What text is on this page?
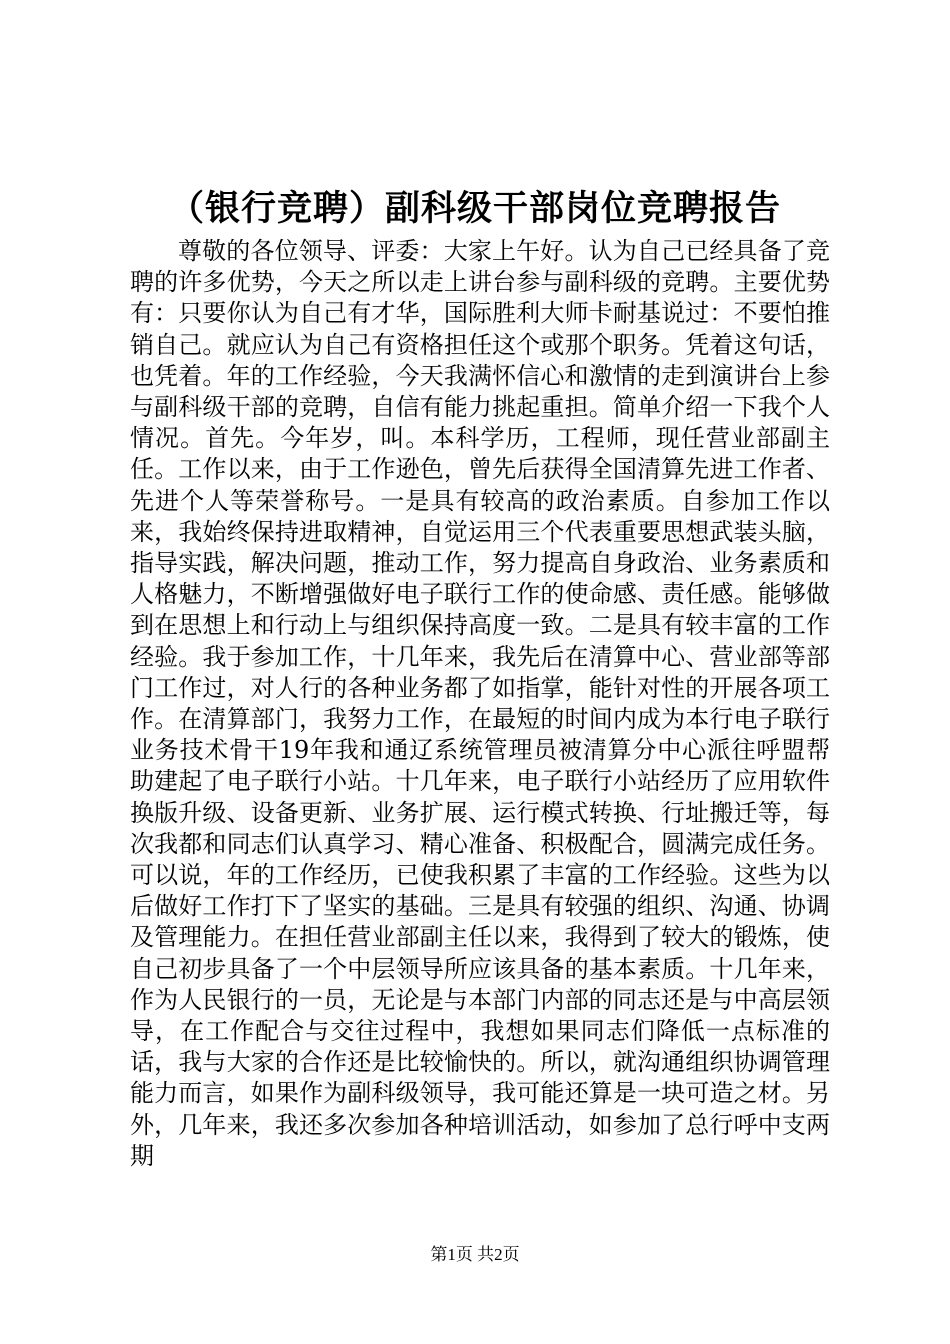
（银行竞聘）副科级干部岗位竞聘报告

尊敬的各位领导、评委：大家上午好。认为自己已经具备了竞聘的许多优势，今天之所以走上讲台参与副科级的竞聘。主要优势有：只要你认为自己有才华，国际胜利大师卡耐基说过：不要怕推销自己。就应认为自己有资格担任这个或那个职务。凭着这句话，也凭着。年的工作经验，今天我满怀信心和激情的走到演讲台上参与副科级干部的竞聘，自信有能力挑起重担。简单介绍一下我个人情况。首先。今年岁，叫。本科学历，工程师，现任营业部副主任。工作以来，由于工作逊色，曾先后获得全国清算先进工作者、先进个人等荣誉称号。一是具有较高的政治素质。自参加工作以来，我始终保持进取精神，自觉运用三个代表重要思想武装头脑，指导实践，解决问题，推动工作，努力提高自身政治、业务素质和人格魅力，不断增强做好电子联行工作的使命感、责任感。能够做到在思想上和行动上与组织保持高度一致。二是具有较丰富的工作经验。我于参加工作，十几年来，我先后在清算中心、营业部等部门工作过，对人行的各种业务都了如指掌，能针对性的开展各项工作。在清算部门，我努力工作，在最短的时间内成为本行电子联行业务技术骨干19年我和通辽系统管理员被清算分中心派往呼盟帮助建起了电子联行小站。十几年来，电子联行小站经历了应用软件换版升级、设备更新、业务扩展、运行模式转换、行址搬迁等，每次我都和同志们认真学习、精心准备、积极配合，圆满完成任务。可以说，年的工作经历，已使我积累了丰富的工作经验。这些为以后做好工作打下了坚实的基础。三是具有较强的组织、沟通、协调及管理能力。在担任营业部副主任以来，我得到了较大的锻炼，使自己初步具备了一个中层领导所应该具备的基本素质。十几年来，作为人民银行的一员，无论是与本部门内部的同志还是与中高层领导，在工作配合与交往过程中，我想如果同志们降低一点标准的话，我与大家的合作还是比较愉快的。所以，就沟通组织协调管理能力而言，如果作为副科级领导，我可能还算是一块可造之材。另外，几年来，我还多次参加各种培训活动，如参加了总行呼中支两期

第1页 共2页
